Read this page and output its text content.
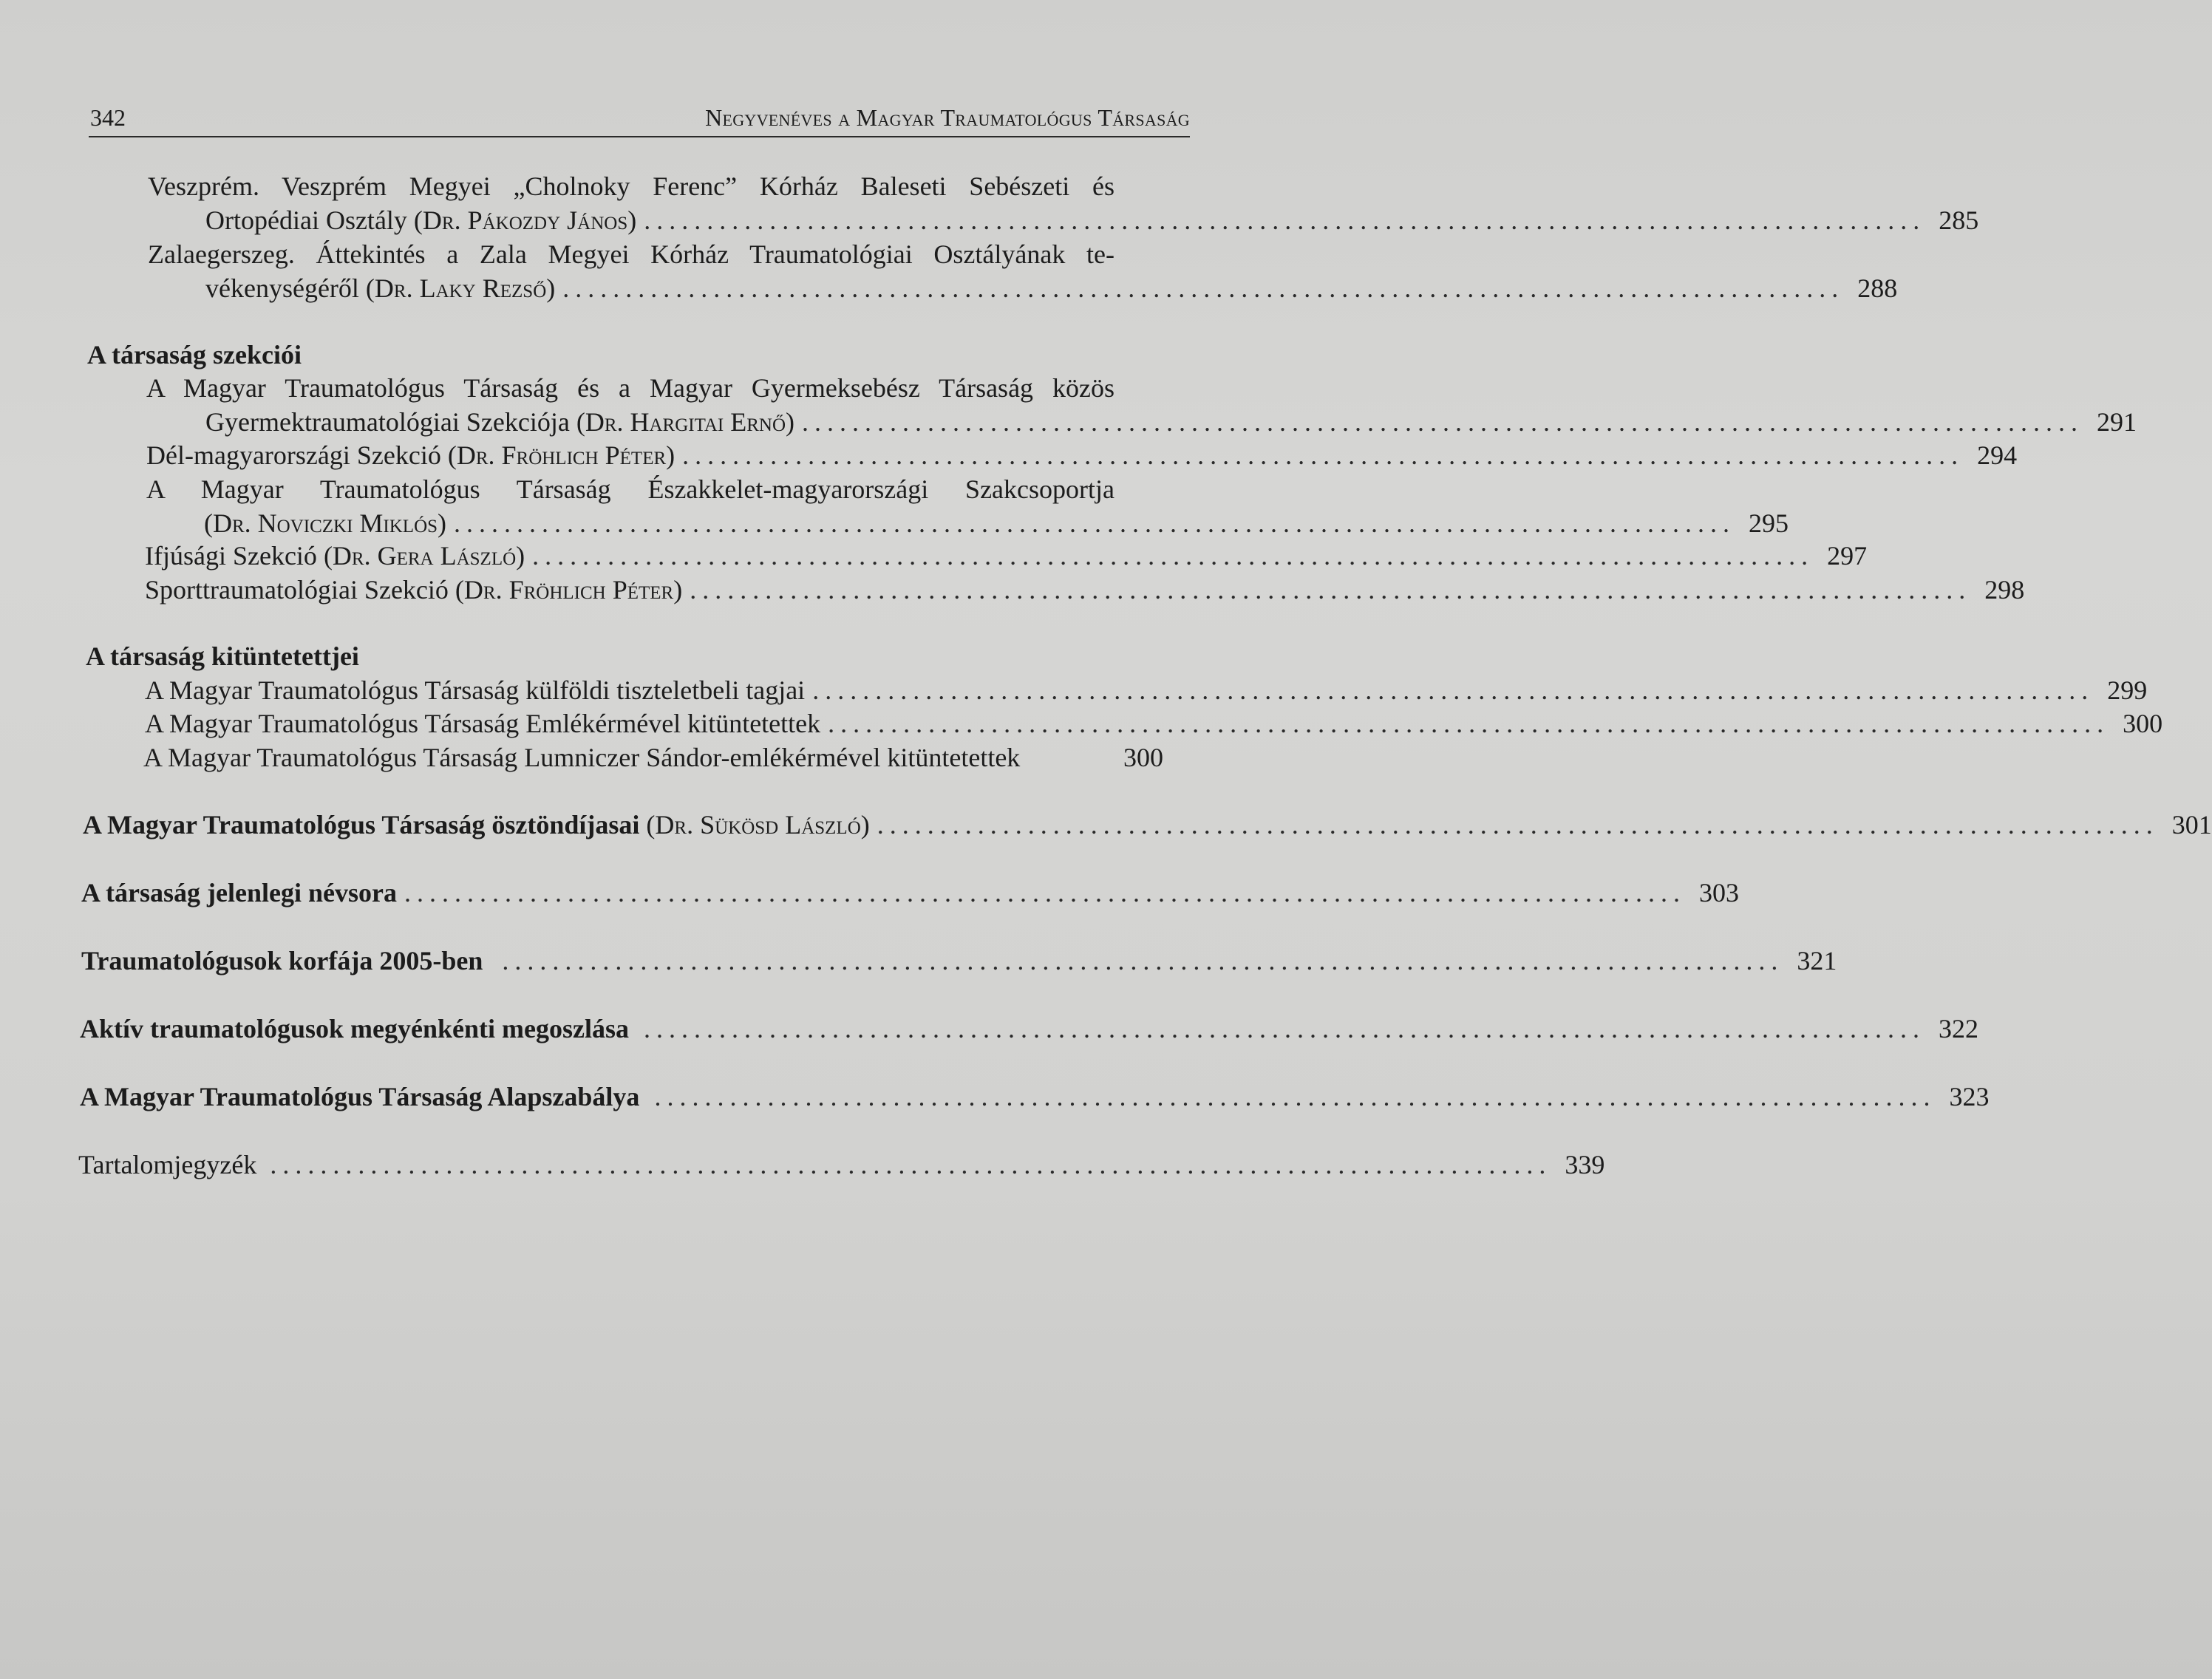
342	Negyvenéves a Magyar Traumatológus Társaság
Veszprém. Veszprém Megyei „Cholnoky Ferenc” Kórház Baleseti Sebészeti és
Ortopédiai Osztály (Dr. Pákozdy János) ...................................................................................................... 285
Zalaegerszeg. Áttekintés a Zala Megyei Kórház Traumatológiai Osztályának te-
vékenységéről (Dr. Laky Rezső) ...................................................................................................... 288
A társaság szekciói
A Magyar Traumatológus Társaság és a Magyar Gyermeksebész Társaság közös
Gyermektraumatológiai Szekciója (Dr. Hargitai Ernő) ...................................................................................................... 291
Dél-magyarországi Szekció (Dr. Fröhlich Péter) ...................................................................................................... 294
A Magyar Traumatológus Társaság Északkelet-magyarországi Szakcsoportja
(Dr. Noviczki Miklós) ...................................................................................................... 295
Ifjúsági Szekció (Dr. Gera László) ...................................................................................................... 297
Sporttraumatológiai Szekció (Dr. Fröhlich Péter) ...................................................................................................... 298
A társaság kitüntetettjei
A Magyar Traumatológus Társaság külföldi tiszteletbeli tagjai ...................................................................................................... 299
A Magyar Traumatológus Társaság Emlékérmével kitüntetettek ...................................................................................................... 300
A Magyar Traumatológus Társaság Lumniczer Sándor-emlékérmével kitüntetettek	300
A Magyar Traumatológus Társaság ösztöndíjasai (Dr. Sükösd László) ...................................................................................................... 301
A társaság jelenlegi névsora ...................................................................................................... 303
Traumatológusok korfája 2005-ben ...................................................................................................... 321
Aktív traumatológusok megyénkénti megoszlása ...................................................................................................... 322
A Magyar Traumatológus Társaság Alapszabálya ...................................................................................................... 323
Tartalomjegyzék ...................................................................................................... 339
